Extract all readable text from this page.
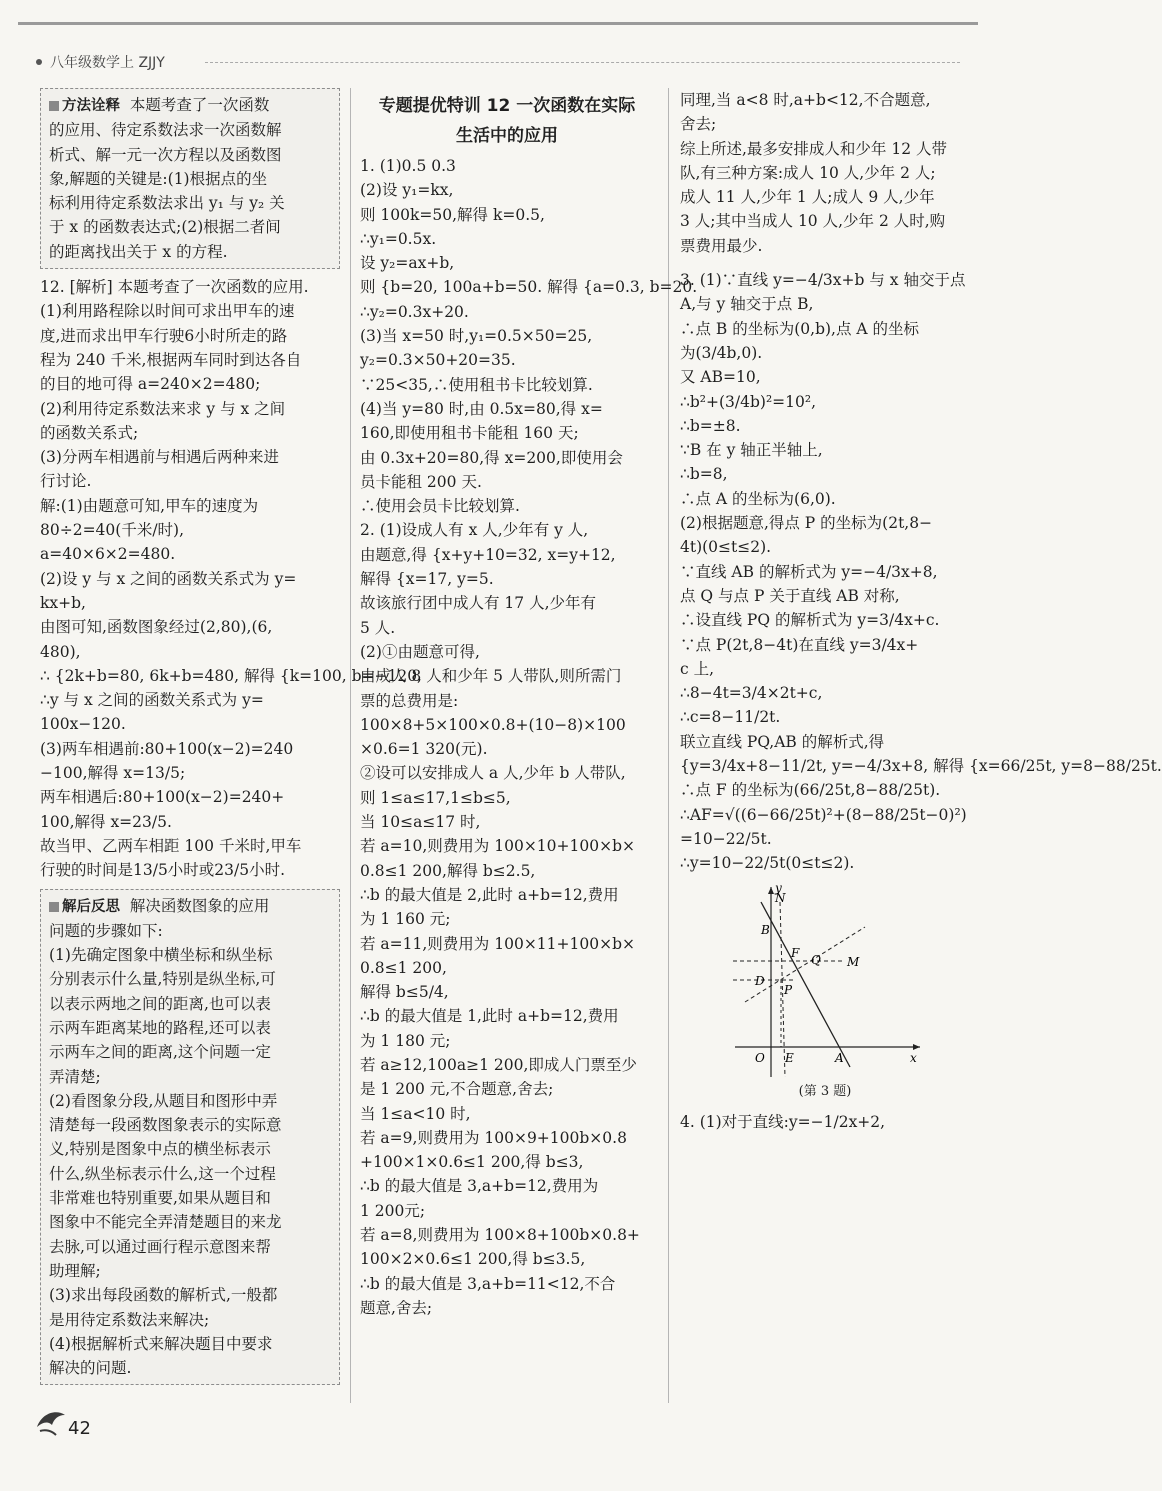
八年级数学上 ZJJY
方法诠释 本题考查了一次函数
的应用、待定系数法求一次函数解
析式、解一元一次方程以及函数图
象,解题的关键是:(1)根据点的坐
标利用待定系数法求出 y₁ 与 y₂ 关
于 x 的函数表达式;(2)根据二者间
的距离找出关于 x 的方程.
12. [解析] 本题考查了一次函数的应用.
(1)利用路程除以时间可求出甲车的速
度,进而求出甲车行驶6小时所走的路
程为 240 千米,根据两车同时到达各自
的目的地可得 a=240×2=480;
(2)利用待定系数法来求 y 与 x 之间
的函数关系式;
(3)分两车相遇前与相遇后两种来进
行讨论.
解:(1)由题意可知,甲车的速度为
80÷2=40(千米/时),
a=40×6×2=480.
(2)设 y 与 x 之间的函数关系式为 y=
kx+b,
由图可知,函数图象经过(2,80),(6,
480),
∴ {2k+b=80, 6k+b=480, 解得 {k=100, b=−120,
∴y 与 x 之间的函数关系式为 y=
100x−120.
(3)两车相遇前:80+100(x−2)=240
−100,解得 x=13/5;
两车相遇后:80+100(x−2)=240+
100,解得 x=23/5.
故当甲、乙两车相距 100 千米时,甲车
行驶的时间是13/5小时或23/5小时.
解后反思 解决函数图象的应用
问题的步骤如下:
(1)先确定图象中横坐标和纵坐标
分别表示什么量,特别是纵坐标,可
以表示两地之间的距离,也可以表
示两车距离某地的路程,还可以表
示两车之间的距离,这个问题一定
弄清楚;
(2)看图象分段,从题目和图形中弄
清楚每一段函数图象表示的实际意
义,特别是图象中点的横坐标表示
什么,纵坐标表示什么,这一个过程
非常难也特别重要,如果从题目和
图象中不能完全弄清楚题目的来龙
去脉,可以通过画行程示意图来帮
助理解;
(3)求出每段函数的解析式,一般都
是用待定系数法来解决;
(4)根据解析式来解决题目中要求
解决的问题.
专题提优特训 12 一次函数在实际
生活中的应用
1. (1)0.5 0.3
(2)设 y₁=kx,
则 100k=50,解得 k=0.5,
∴y₁=0.5x.
设 y₂=ax+b,
则 {b=20, 100a+b=50. 解得 {a=0.3, b=20.
∴y₂=0.3x+20.
(3)当 x=50 时,y₁=0.5×50=25,
y₂=0.3×50+20=35.
∵25<35,∴使用租书卡比较划算.
(4)当 y=80 时,由 0.5x=80,得 x=
160,即使用租书卡能租 160 天;
由 0.3x+20=80,得 x=200,即使用会
员卡能租 200 天.
∴使用会员卡比较划算.
2. (1)设成人有 x 人,少年有 y 人,
由题意,得 {x+y+10=32, x=y+12,
解得 {x=17, y=5.
故该旅行团中成人有 17 人,少年有
5 人.
(2)①由题意可得,
由成人 8 人和少年 5 人带队,则所需门
票的总费用是:
100×8+5×100×0.8+(10−8)×100
×0.6=1 320(元).
②设可以安排成人 a 人,少年 b 人带队,
则 1≤a≤17,1≤b≤5,
当 10≤a≤17 时,
若 a=10,则费用为 100×10+100×b×
0.8≤1 200,解得 b≤2.5,
∴b 的最大值是 2,此时 a+b=12,费用
为 1 160 元;
若 a=11,则费用为 100×11+100×b×
0.8≤1 200,
解得 b≤5/4,
∴b 的最大值是 1,此时 a+b=12,费用
为 1 180 元;
若 a≥12,100a≥1 200,即成人门票至少
是 1 200 元,不合题意,舍去;
当 1≤a<10 时,
若 a=9,则费用为 100×9+100b×0.8
+100×1×0.6≤1 200,得 b≤3,
∴b 的最大值是 3,a+b=12,费用为
1 200元;
若 a=8,则费用为 100×8+100b×0.8+
100×2×0.6≤1 200,得 b≤3.5,
∴b 的最大值是 3,a+b=11<12,不合
题意,舍去;
同理,当 a<8 时,a+b<12,不合题意,
舍去;
综上所述,最多安排成人和少年 12 人带
队,有三种方案:成人 10 人,少年 2 人;
成人 11 人,少年 1 人;成人 9 人,少年
3 人;其中当成人 10 人,少年 2 人时,购
票费用最少.
3. (1)∵直线 y=−4/3x+b 与 x 轴交于点
A,与 y 轴交于点 B,
∴点 B 的坐标为(0,b),点 A 的坐标
为(3/4b,0).
又 AB=10,
∴b²+(3/4b)²=10²,
∴b=±8.
∵B 在 y 轴正半轴上,
∴b=8,
∴点 A 的坐标为(6,0).
(2)根据题意,得点 P 的坐标为(2t,8−
4t)(0≤t≤2).
∵直线 AB 的解析式为 y=−4/3x+8,
点 Q 与点 P 关于直线 AB 对称,
∴设直线 PQ 的解析式为 y=3/4x+c.
∵点 P(2t,8−4t)在直线 y=3/4x+
c 上,
∴8−4t=3/4×2t+c,
∴c=8−11/2t.
联立直线 PQ,AB 的解析式,得
{y=3/4x+8−11/2t, y=−4/3x+8, 解得 {x=66/25t, y=8−88/25t.
∴点 F 的坐标为(66/25t,8−88/25t).
∴AF=√((6−66/25t)²+(8−88/25t−0)²)
=10−22/5t.
∴y=10−22/5t(0≤t≤2).
B
N
y
F Q M
D
P
O E	A	x
(第 3 题)
4. (1)对于直线:y=−1/2x+2,
42
